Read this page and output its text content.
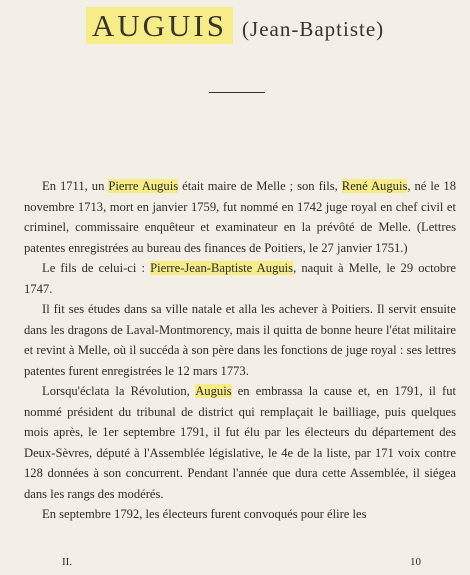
AUGUIS (Jean-Baptiste)

En 1711, un Pierre Auguis était maire de Melle ; son fils, René Auguis, né le 18 novembre 1713, mort en janvier 1759, fut nommé en 1742 juge royal en chef civil et criminel, commissaire enquêteur et examinateur en la prévôté de Melle. (Lettres patentes enregistrées au bureau des finances de Poitiers, le 27 janvier 1751.)

Le fils de celui-ci : Pierre-Jean-Baptiste Auguis, naquit à Melle, le 29 octobre 1747.

Il fit ses études dans sa ville natale et alla les achever à Poitiers. Il servit ensuite dans les dragons de Laval-Montmorency, mais il quitta de bonne heure l'état militaire et revint à Melle, où il succéda à son père dans les fonctions de juge royal : ses lettres patentes furent enregistrées le 12 mars 1773.

Lorsqu'éclata la Révolution, Auguis en embrassa la cause et, en 1791, il fut nommé président du tribunal de district qui remplaçait le bailliage, puis quelques mois après, le 1er septembre 1791, il fut élu par les électeurs du département des Deux-Sèvres, député à l'Assemblée législative, le 4e de la liste, par 171 voix contre 128 données à son concurrent. Pendant l'année que dura cette Assemblée, il siégea dans les rangs des modérés.

En septembre 1792, les électeurs furent convoqués pour élire les

II.	10
